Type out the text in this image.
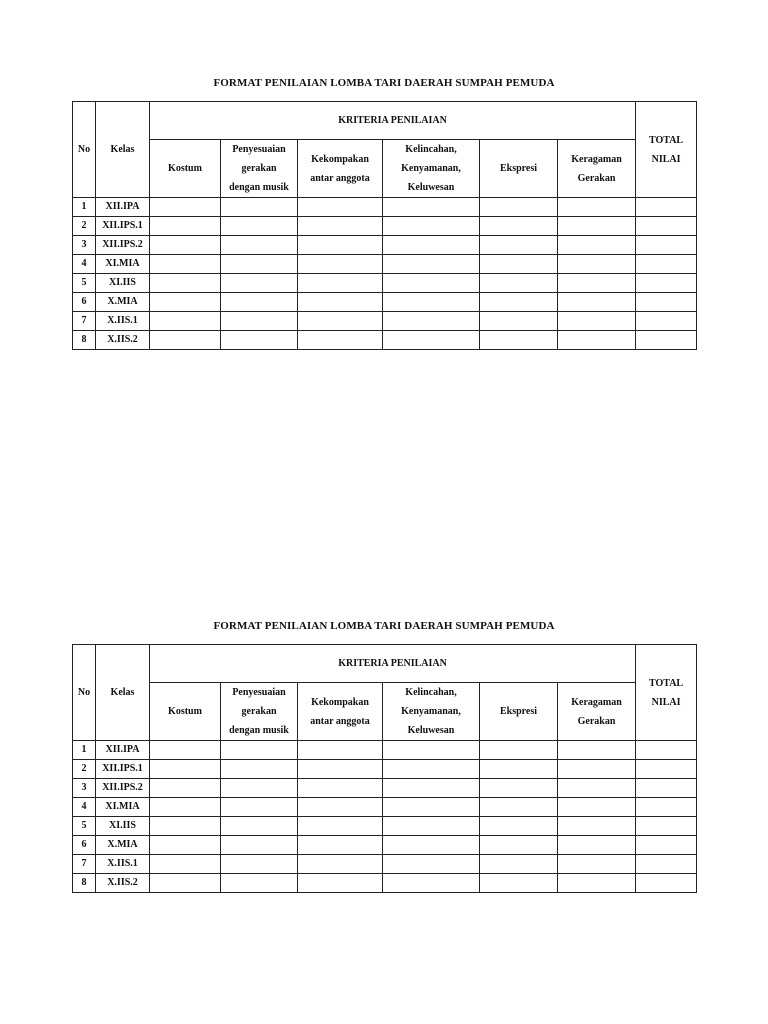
FORMAT PENILAIAN LOMBA TARI DAERAH SUMPAH PEMUDA
No	Kelas	KRITERIA PENILAIAN						TOTAL
NILAI
		Kostum	Penyesuaian
gerakan
dengan musik	Kekompakan
antar anggota	Kelincahan,
Kenyamanan,
Keluwesan	Ekspresi	Keragaman
Gerakan	
1	XII.IPA							
2	XII.IPS.1							
3	XII.IPS.2							
4	XI.MIA							
5	XI.IIS							
6	X.MIA							
7	X.IIS.1							
8	X.IIS.2							
FORMAT PENILAIAN LOMBA TARI DAERAH SUMPAH PEMUDA
No	Kelas	KRITERIA PENILAIAN						TOTAL
NILAI
		Kostum	Penyesuaian
gerakan
dengan musik	Kekompakan
antar anggota	Kelincahan,
Kenyamanan,
Keluwesan	Ekspresi	Keragaman
Gerakan	
1	XII.IPA							
2	XII.IPS.1							
3	XII.IPS.2							
4	XI.MIA							
5	XI.IIS							
6	X.MIA							
7	X.IIS.1							
8	X.IIS.2							
